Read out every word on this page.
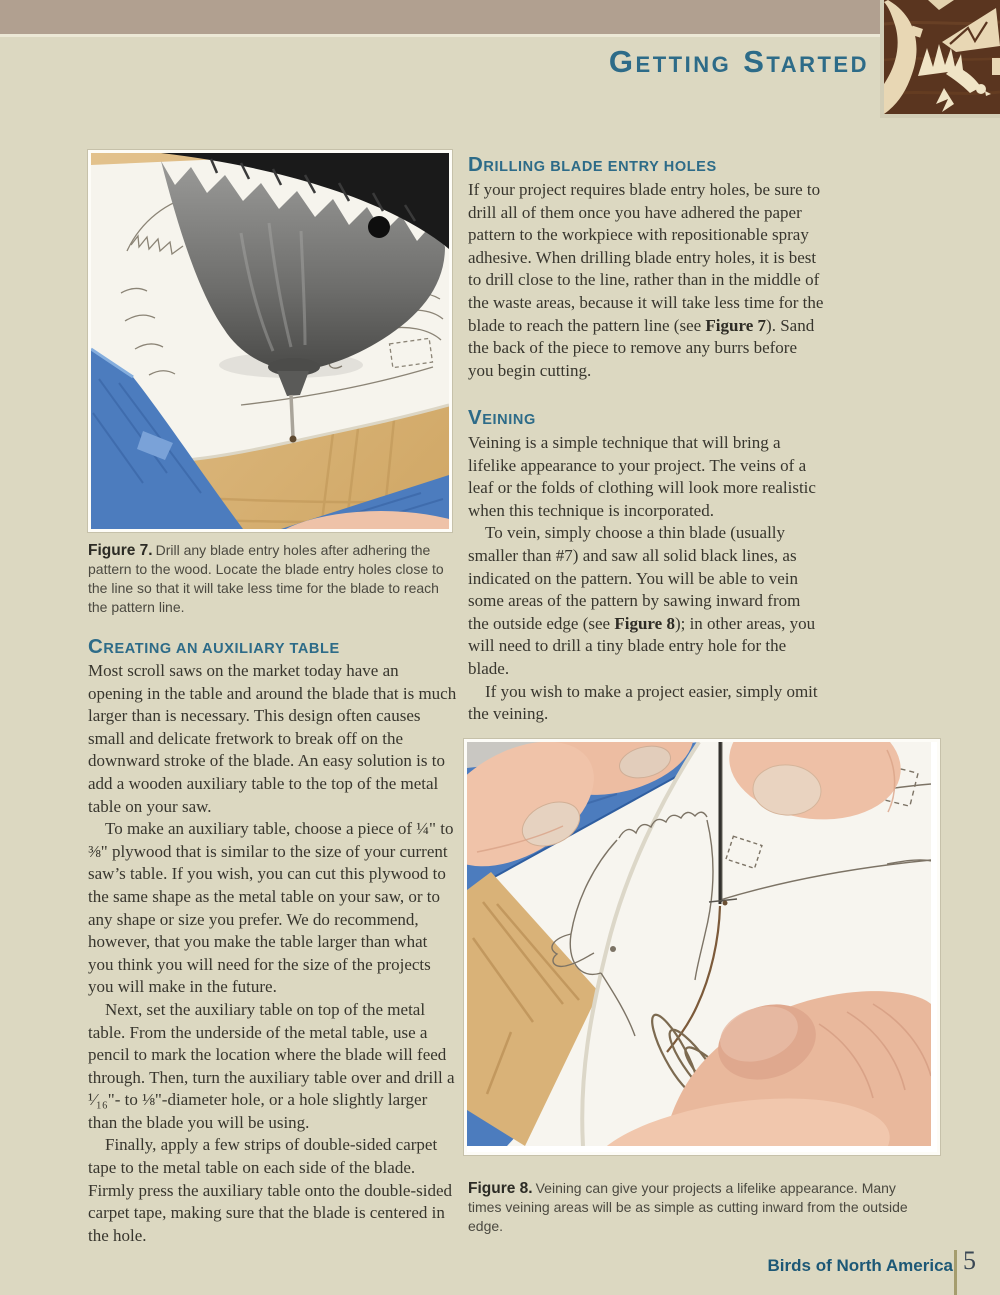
GETTING STARTED

Figure 7. Drill any blade entry holes after adhering the pattern to the wood. Locate the blade entry holes close to the line so that it will take less time for the blade to reach the pattern line.

CREATING AN AUXILIARY TABLE

Most scroll saws on the market today have an opening in the table and around the blade that is much larger than is necessary. This design often causes small and delicate fretwork to break off on the downward stroke of the blade. An easy solution is to add a wooden auxiliary table to the top of the metal table on your saw.

To make an auxiliary table, choose a piece of ¼" to ⅜" plywood that is similar to the size of your current saw’s table. If you wish, you can cut this plywood to the same shape as the metal table on your saw, or to any shape or size you prefer. We do recommend, however, that you make the table larger than what you think you will need for the size of the projects you will make in the future.

Next, set the auxiliary table on top of the metal table. From the underside of the metal table, use a pencil to mark the location where the blade will feed through. Then, turn the auxiliary table over and drill a ¹⁄₁₆"- to ⅛"-diameter hole, or a hole slightly larger than the blade you will be using.

Finally, apply a few strips of double-sided carpet tape to the metal table on each side of the blade. Firmly press the auxiliary table onto the double-sided carpet tape, making sure that the blade is centered in the hole.

DRILLING BLADE ENTRY HOLES

If your project requires blade entry holes, be sure to drill all of them once you have adhered the paper pattern to the workpiece with repositionable spray adhesive. When drilling blade entry holes, it is best to drill close to the line, rather than in the middle of the waste areas, because it will take less time for the blade to reach the pattern line (see Figure 7). Sand the back of the piece to remove any burrs before you begin cutting.

VEINING

Veining is a simple technique that will bring a lifelike appearance to your project. The veins of a leaf or the folds of clothing will look more realistic when this technique is incorporated.

To vein, simply choose a thin blade (usually smaller than #7) and saw all solid black lines, as indicated on the pattern. You will be able to vein some areas of the pattern by sawing inward from the outside edge (see Figure 8); in other areas, you will need to drill a tiny blade entry hole for the blade.

If you wish to make a project easier, simply omit the veining.

Figure 8. Veining can give your projects a lifelike appearance. Many times veining areas will be as simple as cutting inward from the outside edge.

Birds of North America 5
